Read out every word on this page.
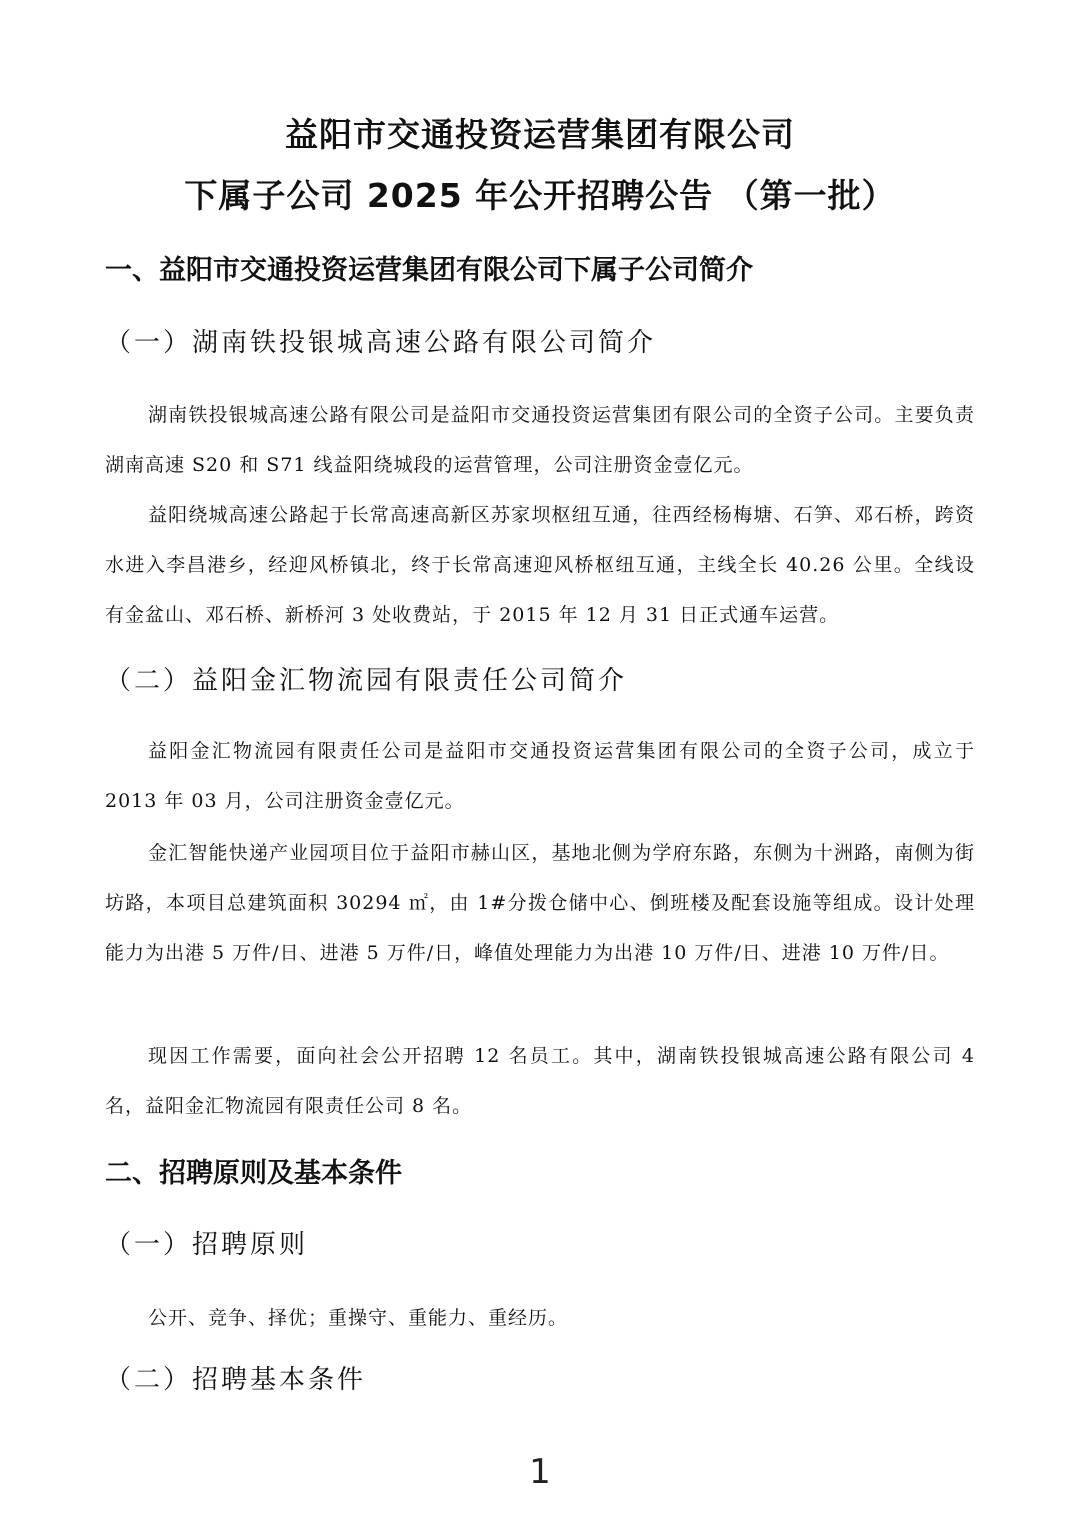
益阳市交通投资运营集团有限公司
下属子公司 2025 年公开招聘公告 （第一批）
一、益阳市交通投资运营集团有限公司下属子公司简介
（一）湖南铁投银城高速公路有限公司简介
湖南铁投银城高速公路有限公司是益阳市交通投资运营集团有限公司的全资子公司。主要负责湖南高速 S20 和 S71 线益阳绕城段的运营管理，公司注册资金壹亿元。
益阳绕城高速公路起于长常高速高新区苏家坝枢纽互通，往西经杨梅塘、石笋、邓石桥，跨资水进入李昌港乡，经迎风桥镇北，终于长常高速迎风桥枢纽互通，主线全长 40.26 公里。全线设有金盆山、邓石桥、新桥河 3 处收费站，于 2015 年 12 月 31 日正式通车运营。
（二）益阳金汇物流园有限责任公司简介
益阳金汇物流园有限责任公司是益阳市交通投资运营集团有限公司的全资子公司，成立于 2013 年 03 月，公司注册资金壹亿元。
金汇智能快递产业园项目位于益阳市赫山区，基地北侧为学府东路，东侧为十洲路，南侧为街坊路，本项目总建筑面积 30294 ㎡，由 1#分拨仓储中心、倒班楼及配套设施等组成。设计处理能力为出港 5 万件/日、进港 5 万件/日，峰值处理能力为出港 10 万件/日、进港 10 万件/日。
现因工作需要，面向社会公开招聘 12 名员工。其中，湖南铁投银城高速公路有限公司 4 名，益阳金汇物流园有限责任公司 8 名。
二、招聘原则及基本条件
（一）招聘原则
公开、竞争、择优；重操守、重能力、重经历。
（二）招聘基本条件
1
